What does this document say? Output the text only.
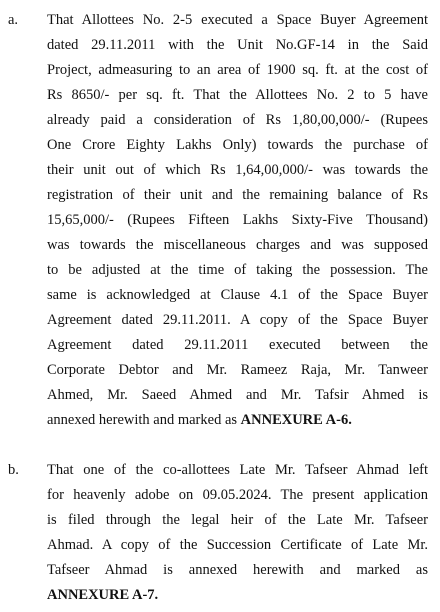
a. That Allottees No. 2-5 executed a Space Buyer Agreement
dated 29.11.2011 with the Unit No.GF-14 in the Said
Project, admeasuring to an area of 1900 sq. ft. at the cost of
Rs 8650/- per sq. ft. That the Allottees No. 2 to 5 have
already paid a consideration of Rs 1,80,00,000/- (Rupees
One Crore Eighty Lakhs Only) towards the purchase of
their unit out of which Rs 1,64,00,000/- was towards the
registration of their unit and the remaining balance of Rs
15,65,000/- (Rupees Fifteen Lakhs Sixty-Five Thousand)
was towards the miscellaneous charges and was supposed
to be adjusted at the time of taking the possession. The
same is acknowledged at Clause 4.1 of the Space Buyer
Agreement dated 29.11.2011. A copy of the Space Buyer
Agreement dated 29.11.2011 executed between the
Corporate Debtor and Mr. Rameez Raja, Mr. Tanweer
Ahmed, Mr. Saeed Ahmed and Mr. Tafsir Ahmed is
annexed herewith and marked as ANNEXURE A-6.
b. That one of the co-allottees Late Mr. Tafseer Ahmad left
for heavenly adobe on 09.05.2024. The present application
is filed through the legal heir of the Late Mr. Tafseer
Ahmad. A copy of the Succession Certificate of Late Mr.
Tafseer Ahmad is annexed herewith and marked as
ANNEXURE A-7.
